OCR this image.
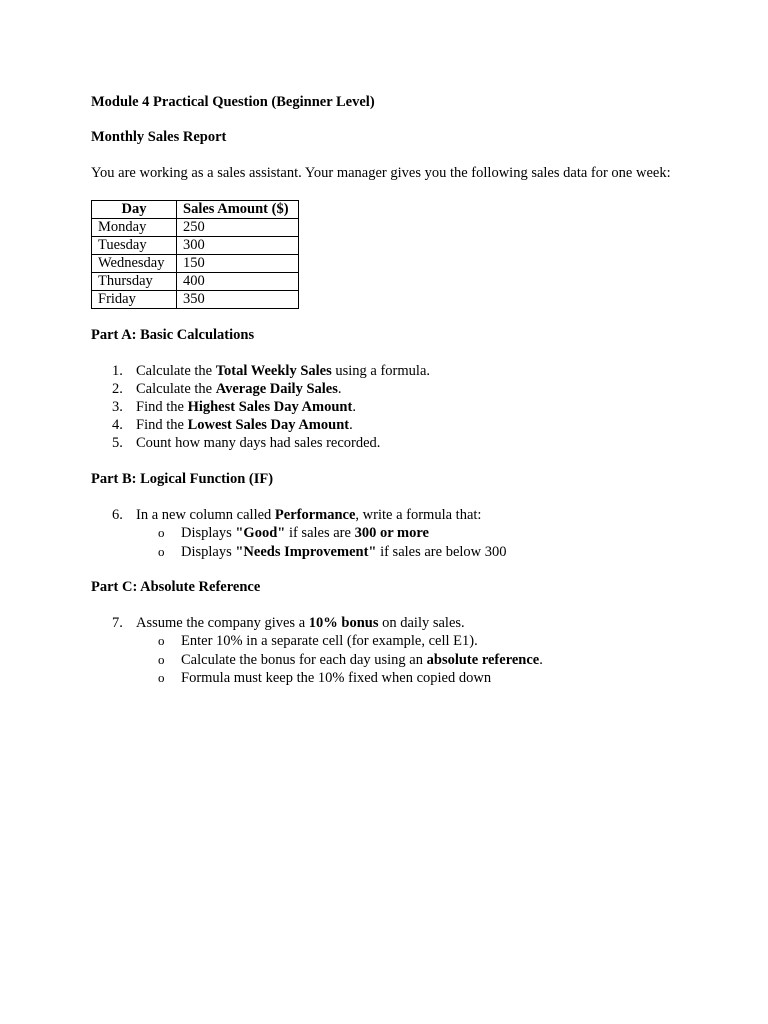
Module 4 Practical Question (Beginner Level)
Monthly Sales Report

You are working as a sales assistant. Your manager gives you the following sales data for one week:

Day	Sales Amount ($)
Monday	250
Tuesday	300
Wednesday	150
Thursday	400
Friday	350
Part A: Basic Calculations
1. Calculate the Total Weekly Sales using a formula.
2. Calculate the Average Daily Sales.
3. Find the Highest Sales Day Amount.
4. Find the Lowest Sales Day Amount.
5. Count how many days had sales recorded.
Part B: Logical Function (IF)
6. In a new column called Performance, write a formula that:
o Displays "Good" if sales are 300 or more
o Displays "Needs Improvement" if sales are below 300
Part C: Absolute Reference
7. Assume the company gives a 10% bonus on daily sales.
o Enter 10% in a separate cell (for example, cell E1).
o Calculate the bonus for each day using an absolute reference.
o Formula must keep the 10% fixed when copied down
